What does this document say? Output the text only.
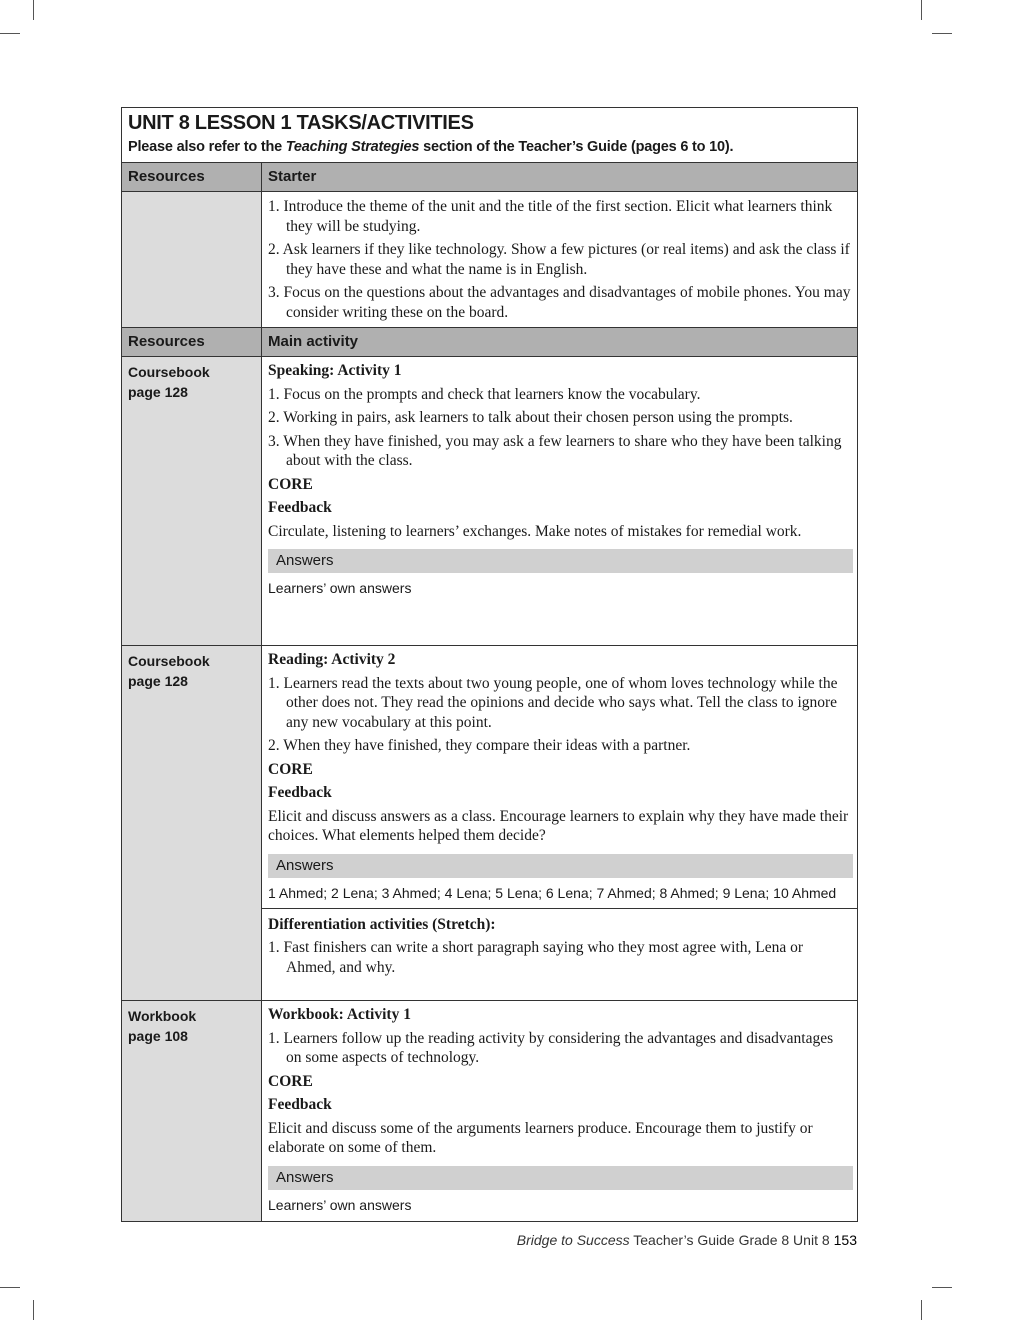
UNIT 8 LESSON 1 TASKS/ACTIVITIES
Please also refer to the Teaching Strategies section of the Teacher’s Guide (pages 6 to 10).
Resources	Starter
1. Introduce the theme of the unit and the title of the first section. Elicit what learners think they will be studying.
2. Ask learners if they like technology. Show a few pictures (or real items) and ask the class if they have these and what the name is in English.
3. Focus on the questions about the advantages and disadvantages of mobile phones. You may consider writing these on the board.
Resources	Main activity
Coursebook
page 128
Speaking: Activity 1
1. Focus on the prompts and check that learners know the vocabulary.
2. Working in pairs, ask learners to talk about their chosen person using the prompts.
3. When they have finished, you may ask a few learners to share who they have been talking about with the class.
CORE
Feedback
Circulate, listening to learners’ exchanges. Make notes of mistakes for remedial work.
Answers
Learners’ own answers
Coursebook
page 128
Reading: Activity 2
1. Learners read the texts about two young people, one of whom loves technology while the other does not. They read the opinions and decide who says what. Tell the class to ignore any new vocabulary at this point.
2. When they have finished, they compare their ideas with a partner.
CORE
Feedback
Elicit and discuss answers as a class. Encourage learners to explain why they have made their choices. What elements helped them decide?
Answers
1 Ahmed; 2 Lena; 3 Ahmed; 4 Lena; 5 Lena; 6 Lena; 7 Ahmed; 8 Ahmed; 9 Lena; 10 Ahmed
Differentiation activities (Stretch):
1. Fast finishers can write a short paragraph saying who they most agree with, Lena or Ahmed, and why.
Workbook
page 108
Workbook: Activity 1
1. Learners follow up the reading activity by considering the advantages and disadvantages on some aspects of technology.
CORE
Feedback
Elicit and discuss some of the arguments learners produce. Encourage them to justify or elaborate on some of them.
Answers
Learners’ own answers
Bridge to Success Teacher’s Guide Grade 8 Unit 8 153
